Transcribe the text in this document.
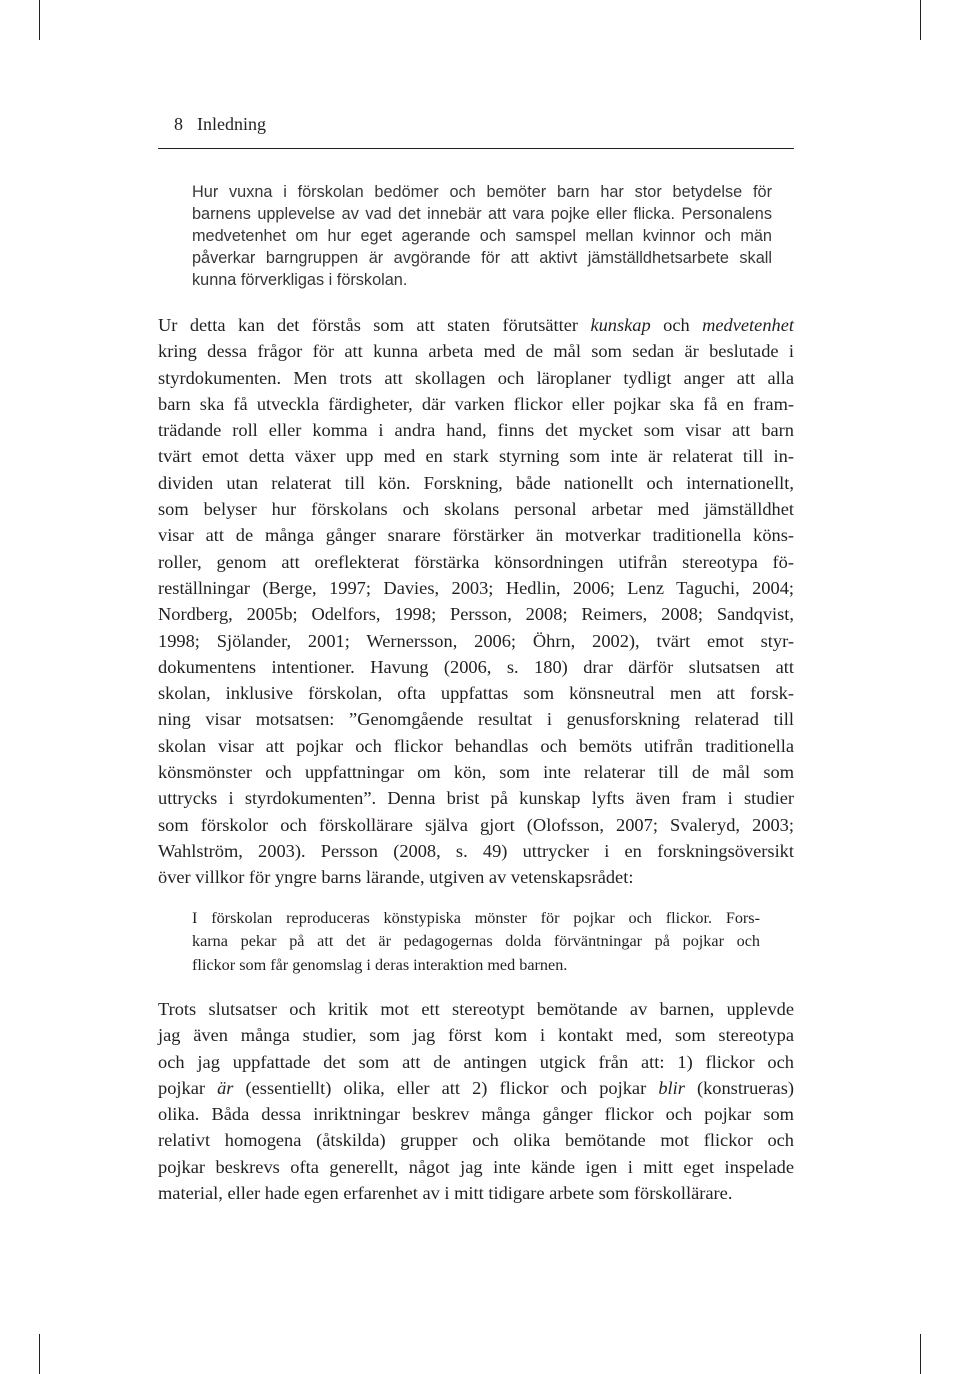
8 Inledning
Hur vuxna i förskolan bedömer och bemöter barn har stor betydelse för
barnens upplevelse av vad det innebär att vara pojke eller flicka. Personalens
medvetenhet om hur eget agerande och samspel mellan kvinnor och män
påverkar barngruppen är avgörande för att aktivt jämställdhetsarbete skall
kunna förverkligas i förskolan.
Ur detta kan det förstås som att staten förutsätter kunskap och medvetenhet
kring dessa frågor för att kunna arbeta med de mål som sedan är beslutade i
styrdokumenten. Men trots att skollagen och läroplaner tydligt anger att alla
barn ska få utveckla färdigheter, där varken flickor eller pojkar ska få en fram-
trädande roll eller komma i andra hand, finns det mycket som visar att barn
tvärt emot detta växer upp med en stark styrning som inte är relaterat till in-
dividen utan relaterat till kön. Forskning, både nationellt och internationellt,
som belyser hur förskolans och skolans personal arbetar med jämställdhet
visar att de många gånger snarare förstärker än motverkar traditionella köns-
roller, genom att oreflekterat förstärka könsordningen utifrån stereotypa fö-
reställningar (Berge, 1997; Davies, 2003; Hedlin, 2006; Lenz Taguchi, 2004;
Nordberg, 2005b; Odelfors, 1998; Persson, 2008; Reimers, 2008; Sandqvist,
1998; Sjölander, 2001; Wernersson, 2006; Öhrn, 2002), tvärt emot styr-
dokumentens intentioner. Havung (2006, s. 180) drar därför slutsatsen att
skolan, inklusive förskolan, ofta uppfattas som könsneutral men att forsk-
ning visar motsatsen: ”Genomgående resultat i genusforskning relaterad till
skolan visar att pojkar och flickor behandlas och bemöts utifrån traditionella
könsmönster och uppfattningar om kön, som inte relaterar till de mål som
uttrycks i styrdokumenten”. Denna brist på kunskap lyfts även fram i studier
som förskolor och förskollärare själva gjort (Olofsson, 2007; Svaleryd, 2003;
Wahlström, 2003). Persson (2008, s. 49) uttrycker i en forskningsöversikt
över villkor för yngre barns lärande, utgiven av vetenskapsrådet:
I förskolan reproduceras könstypiska mönster för pojkar och flickor. Fors-
karna pekar på att det är pedagogernas dolda förväntningar på pojkar och
flickor som får genomslag i deras interaktion med barnen.
Trots slutsatser och kritik mot ett stereotypt bemötande av barnen, upplevde
jag även många studier, som jag först kom i kontakt med, som stereotypa
och jag uppfattade det som att de antingen utgick från att: 1) flickor och
pojkar är (essentiellt) olika, eller att 2) flickor och pojkar blir (konstrueras)
olika. Båda dessa inriktningar beskrev många gånger flickor och pojkar som
relativt homogena (åtskilda) grupper och olika bemötande mot flickor och
pojkar beskrevs ofta generellt, något jag inte kände igen i mitt eget inspelade
material, eller hade egen erfarenhet av i mitt tidigare arbete som förskollärare.
